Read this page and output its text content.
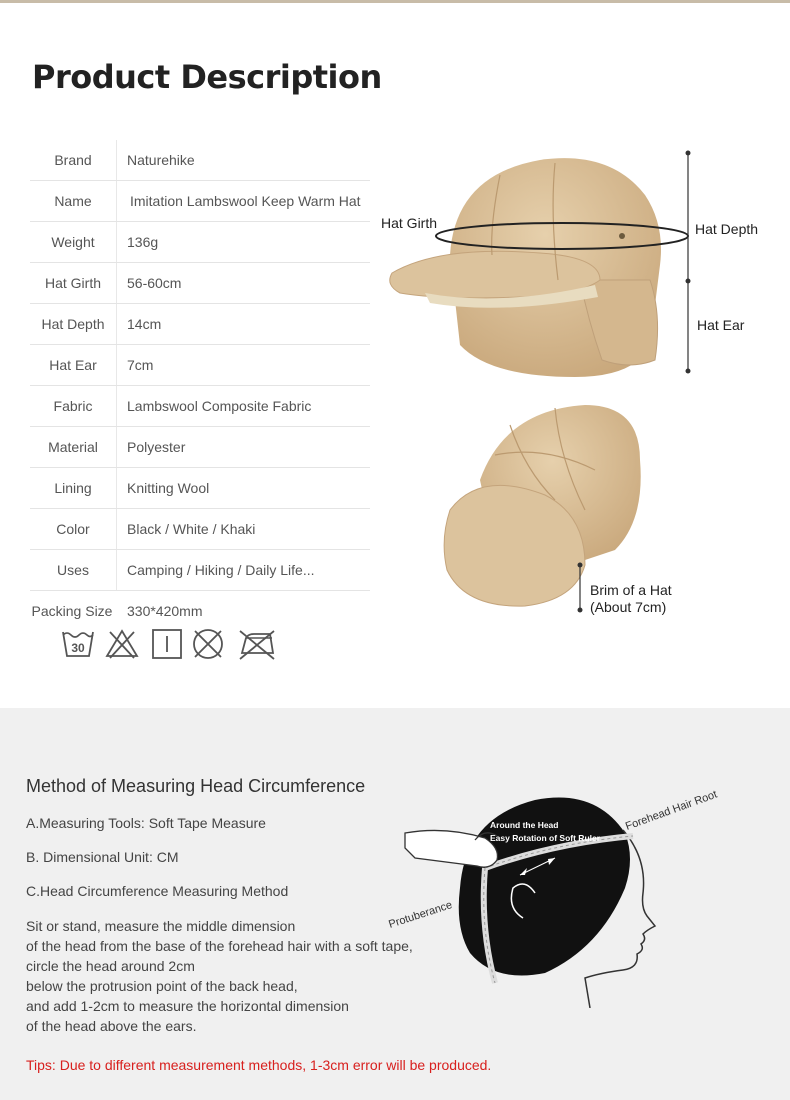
Product Description
Brand	Naturehike
Name	Imitation Lambswool Keep Warm Hat
Weight	136g
Hat Girth	56-60cm
Hat Depth	14cm
Hat Ear	7cm
Fabric	Lambswool Composite Fabric
Material	Polyester
Lining	Knitting Wool
Color	Black / White / Khaki
Uses	Camping / Hiking / Daily Life...
Packing Size	330*420mm
30
Hat Girth	Hat Depth
Hat Ear
Brim of a Hat
(About 7cm)
Method of Measuring Head Circumference
A.Measuring Tools: Soft Tape Measure
B. Dimensional Unit: CM
C.Head Circumference Measuring Method
Sit or stand, measure the middle dimension
of the head from the base of the forehead hair with a soft tape,
circle the head around 2cm
below the protrusion point of the back head,
and add 1-2cm to measure the horizontal dimension
of the head above the ears.
Tips: Due to different measurement methods, 1-3cm error will be produced.
Around the Head
Easy Rotation of Soft Ruler
Forehead Hair Root
Protuberance
